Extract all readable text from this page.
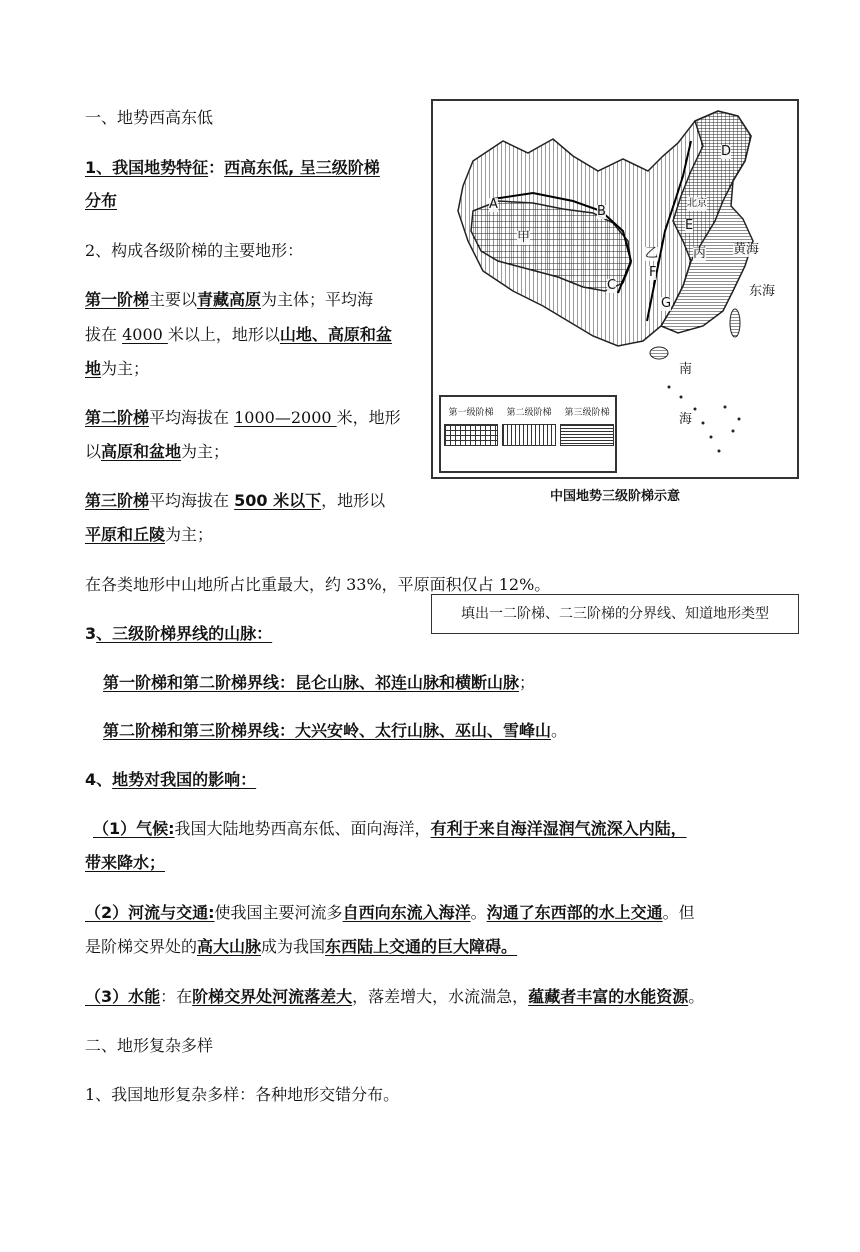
一、地势西高东低
1、我国地势特征：西高东低, 呈三级阶梯
分布
2、构成各级阶梯的主要地形：
第一阶梯主要以青藏高原为主体；平均海
拔在 4000 米以上，地形以山地、高原和盆
地为主；
第二阶梯平均海拔在 1000—2000 米，地形
以高原和盆地为主；
第三阶梯平均海拔在 500 米以下，地形以
平原和丘陵为主；
在各类地形中山地所占比重最大，约 33%，平原面积仅占 12%。
填出一二阶梯、二三阶梯的分界线、知道地形类型
3、三级阶梯界线的山脉：
第一阶梯和第二阶梯界线：昆仑山脉、祁连山脉和横断山脉；
第二阶梯和第三阶梯界线：大兴安岭、太行山脉、巫山、雪峰山。
4、地势对我国的影响：
（1）气候:我国大陆地势西高东低、面向海洋，有利于来自海洋湿润气流深入内陆，
带来降水；
（2）河流与交通:使我国主要河流多自西向东流入海洋。沟通了东西部的水上交通。但
是阶梯交界处的高大山脉成为我国东西陆上交通的巨大障碍。
（3）水能：在阶梯交界处河流落差大，落差增大，水流湍急，蕴藏者丰富的水能资源。
二、地形复杂多样
1、我国地形复杂多样：各种地形交错分布。
A	B
C
D
E
F
G
甲
乙	丙
北京
黄海
东海
南
海
第一级阶梯	第二级阶梯	第三级阶梯
中国地势三级阶梯示意
